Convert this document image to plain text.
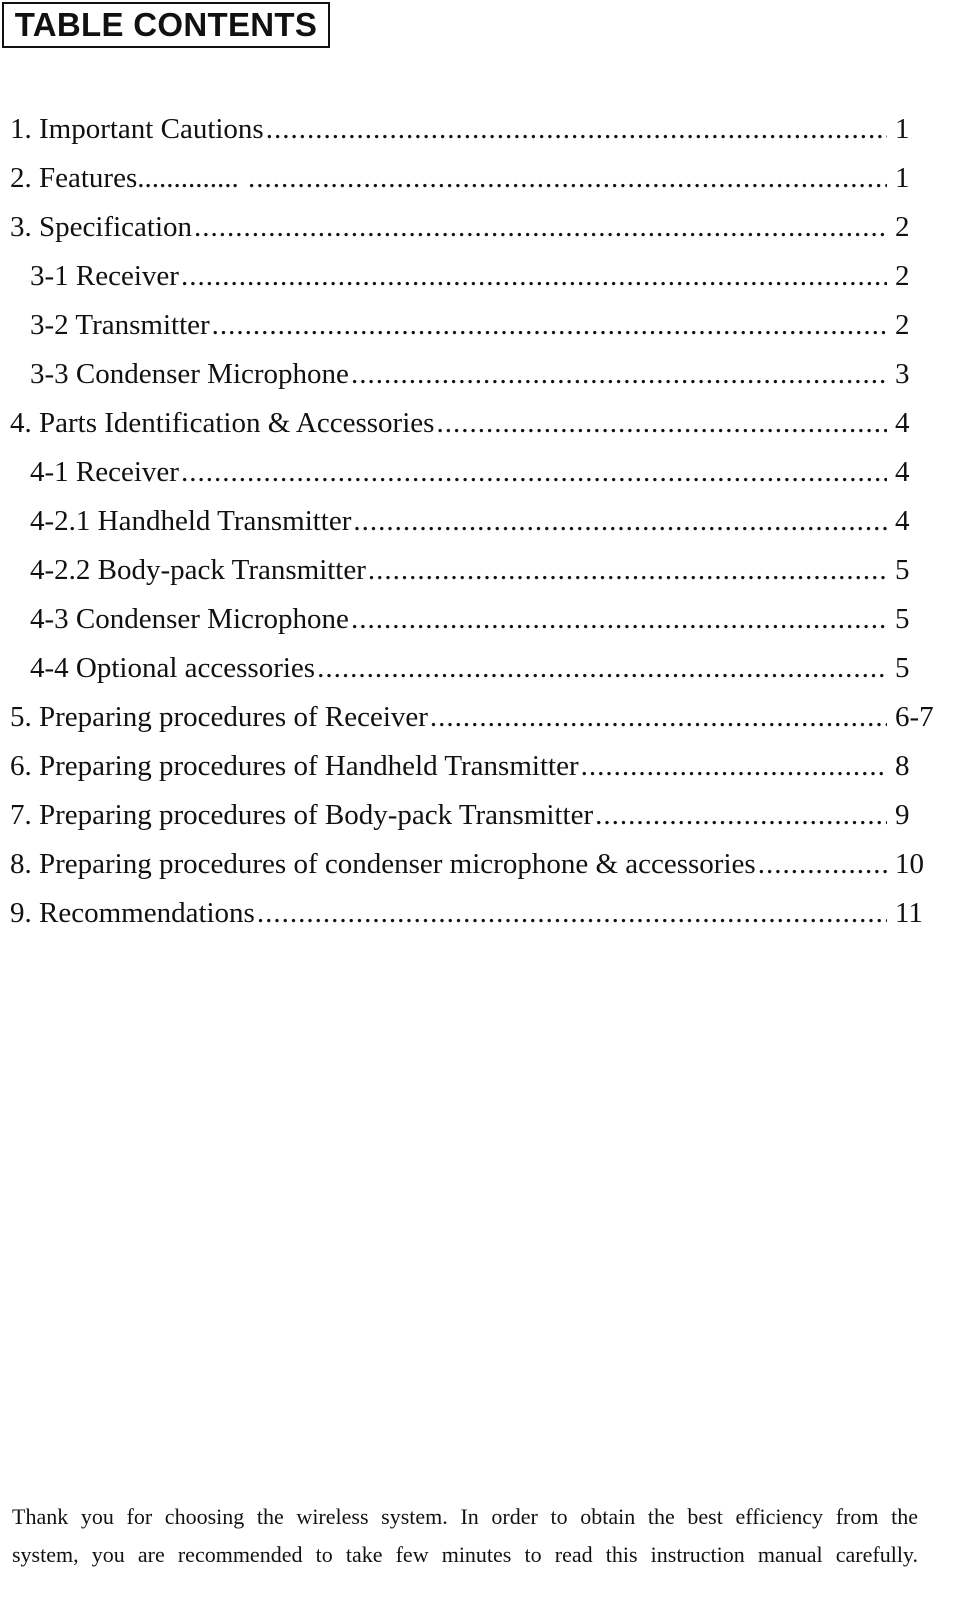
TABLE CONTENTS
1. Important Cautions .....	1
2. Features.............. .....	1
3. Specification .....	2
3-1 Receiver .....	2
3-2 Transmitter .....	2
3-3 Condenser Microphone .....	3
4. Parts Identification & Accessories .....	4
4-1 Receiver .....	4
4-2.1 Handheld Transmitter .....	4
4-2.2 Body-pack Transmitter .....	5
4-3 Condenser Microphone .....	5
4-4 Optional accessories .....	5
5. Preparing procedures of Receiver .....	6-7
6. Preparing procedures of Handheld Transmitter .....	8
7. Preparing procedures of Body-pack Transmitter .....	9
8. Preparing procedures of condenser microphone & accessories .....	10
9. Recommendations .....	11
Thank you for choosing the wireless system. In order to obtain the best efficiency from the
system, you are recommended to take few minutes to read this instruction manual carefully.
